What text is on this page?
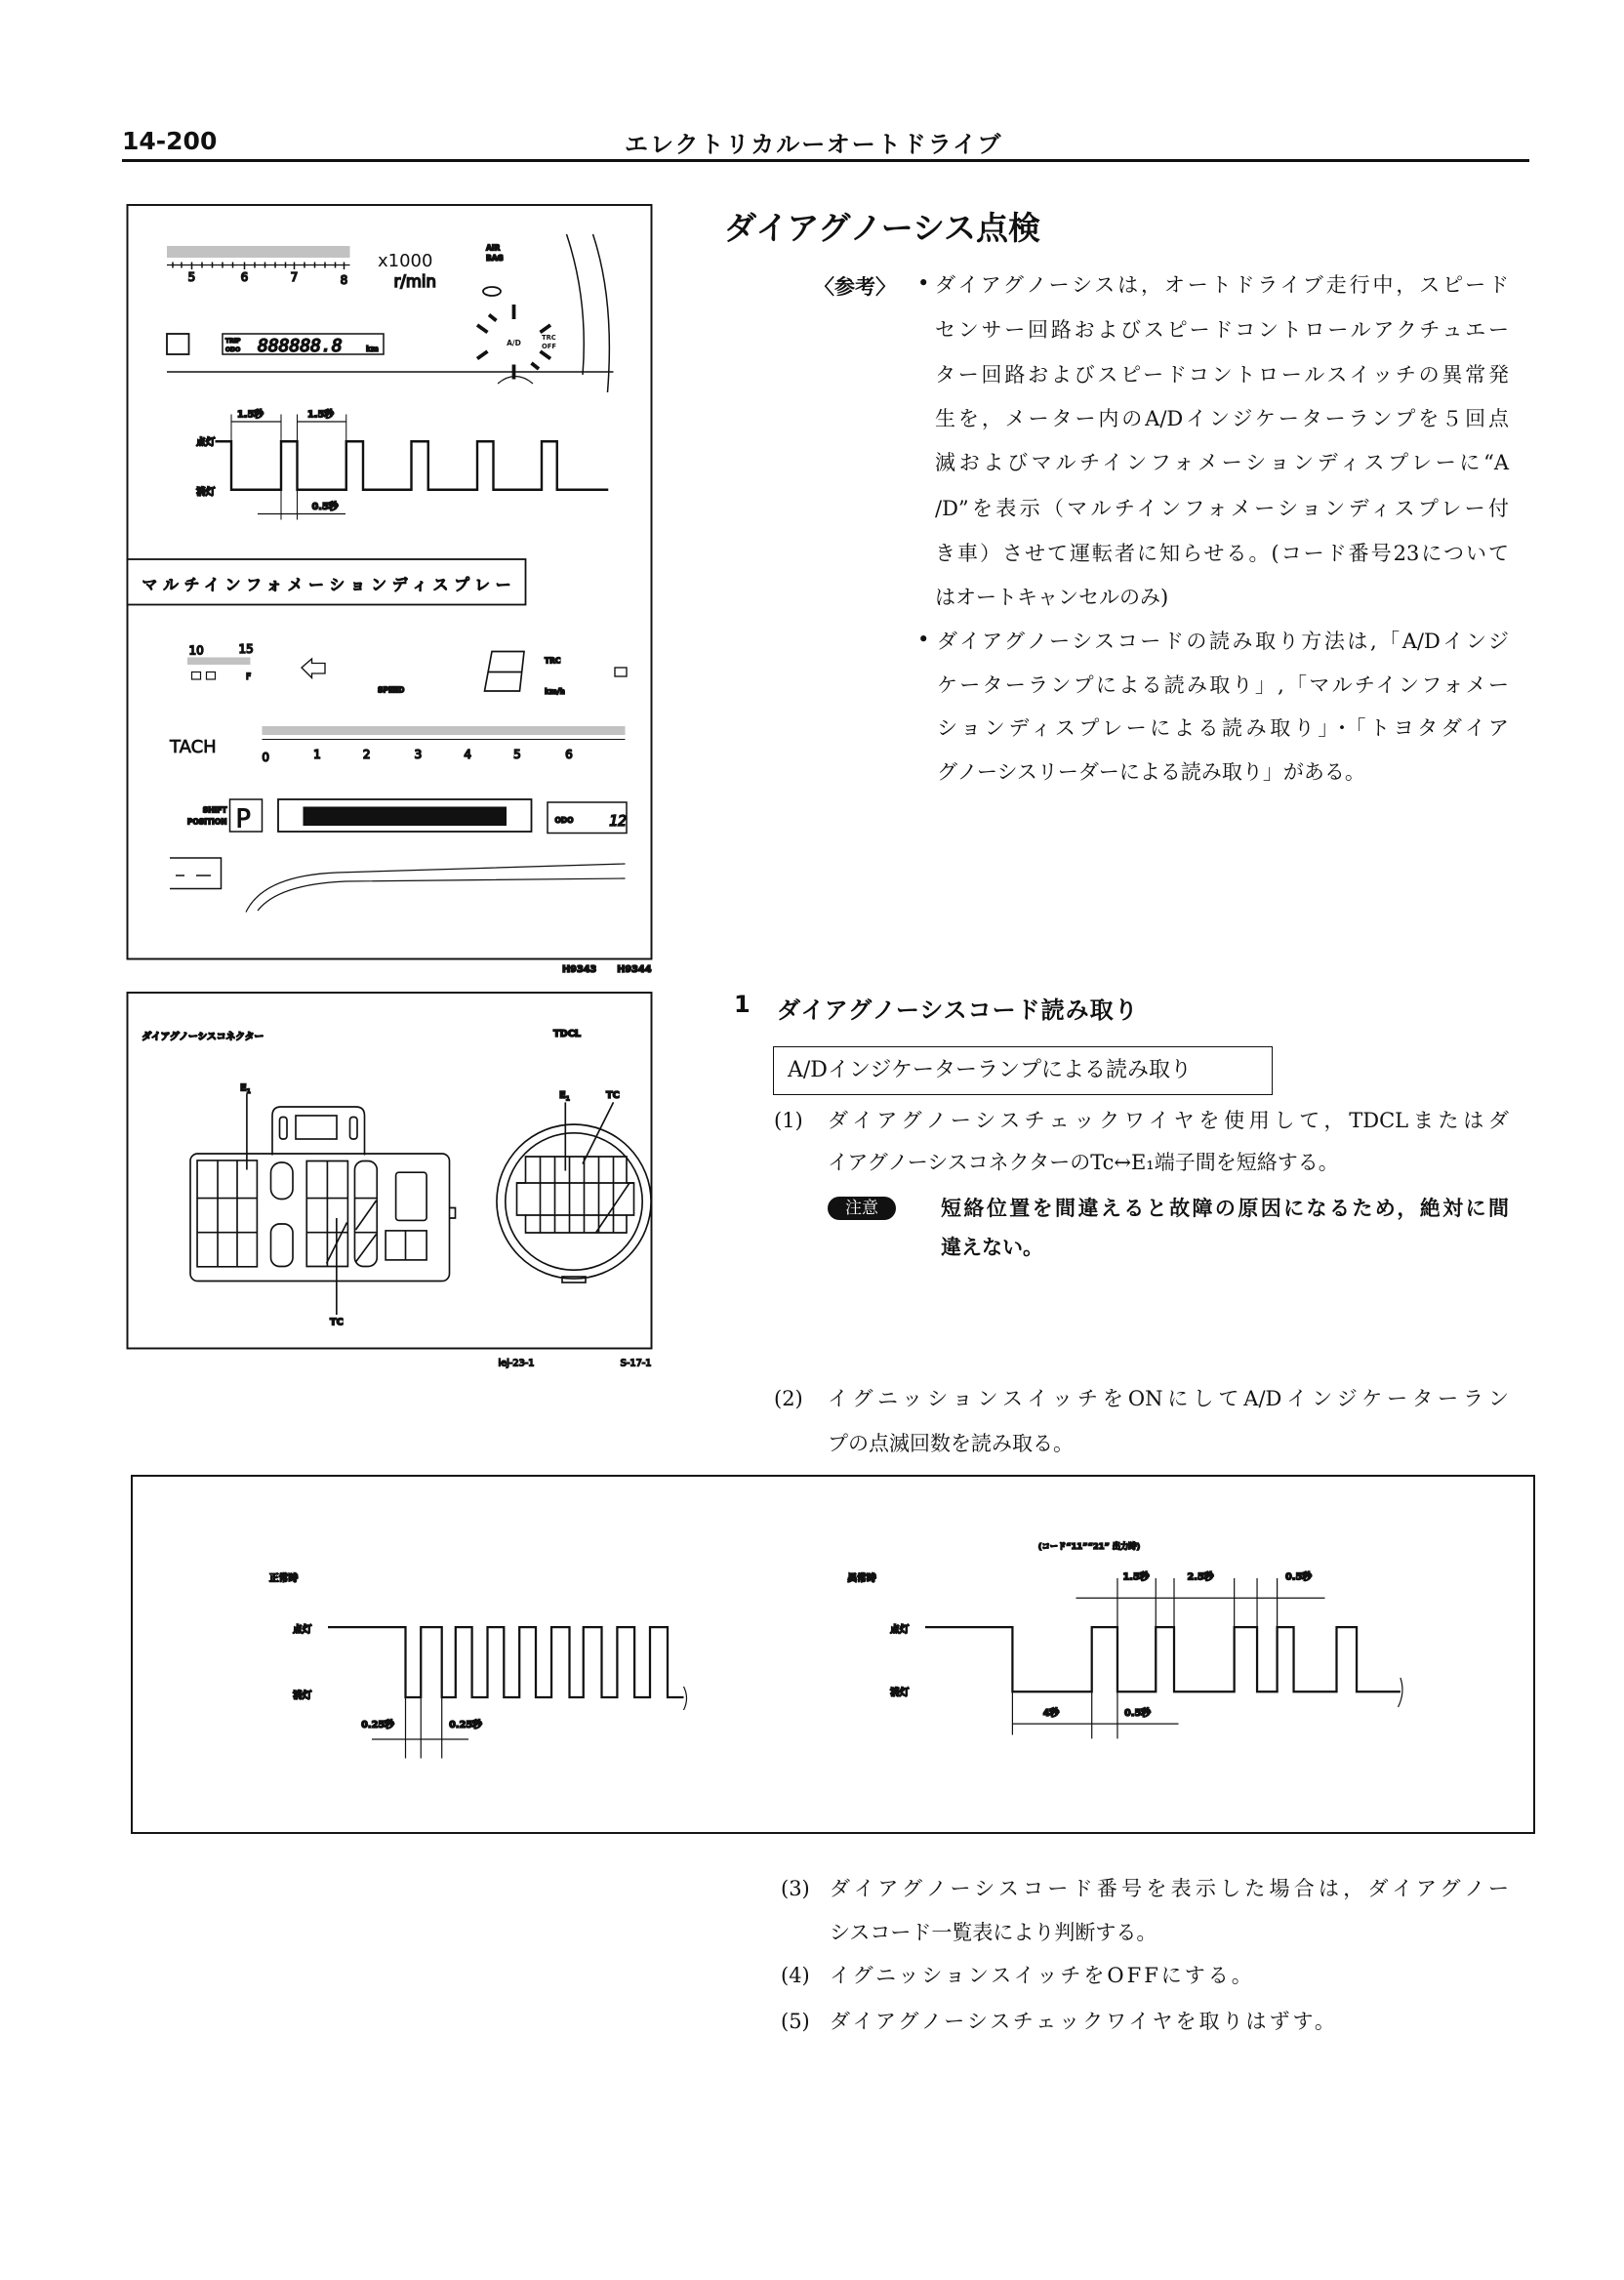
14-200	エレクトリカルーオートドライブ
ダイアグノーシス点検
〈参考〉 •
•
ダイアグノーシスは，オートドライブ走行中，スピード
センサー回路およびスピードコントロールアクチュエー
ター回路およびスピードコントロールスイッチの異常発
生を，メーター内のA/Dインジケーターランプを５回点
滅およびマルチインフォメーションディスプレーに“A
/D”を表示（マルチインフォメーションディスプレー付
き車）させて運転者に知らせる。(コード番号23について
はオートキャンセルのみ)
ダイアグノーシスコードの読み取り方法は,「A/Dインジ
ケーターランプによる読み取り」,「マルチインフォメー
ションディスプレーによる読み取り」・「トヨタダイア
グノーシスリーダーによる読み取り」がある。
1 ダイアグノーシスコード読み取り
A/Dインジケーターランプによる読み取り
(1) ダイアグノーシスチェックワイヤを使用して，TDCLまたはダ
イアグノーシスコネクターのTc↔E₁端子間を短絡する。
注意	短絡位置を間違えると故障の原因になるため，絶対に間
違えない。
(2) イグニッションスイッチをONにしてA/Dインジケーターラン
プの点滅回数を読み取る。
(3) ダイアグノーシスコード番号を表示した場合は，ダイアグノー
シスコード一覧表により判断する。
(4) イグニッションスイッチをOFFにする。
(5) ダイアグノーシスチェックワイヤを取りはずす。
5	6	7	8
x1000
r/min
AIR
BAG
A/D
TRC
OFF
TRIP
ODO 888888.8	km
点灯
消灯
1.5秒	1.5秒
0.5秒
マルチインフォメーションディスプレー
10	15
F
SPEED
TRC
km/h
TACH
0	1	2	3	4	5	6
SHIFT
POSITION P	ODO	12
H9343	H9344
ダイアグノーシスコネクター	TDCL
$E_1$
TC
$E_1$	TC
lej-23-1	S-17-1
正常時
点灯
消灯
0.25秒	0.25秒
(コード“11”“21” 出力時)
異常時
点灯
消灯
1.5秒	2.5秒	0.5秒
4秒	0.5秒
